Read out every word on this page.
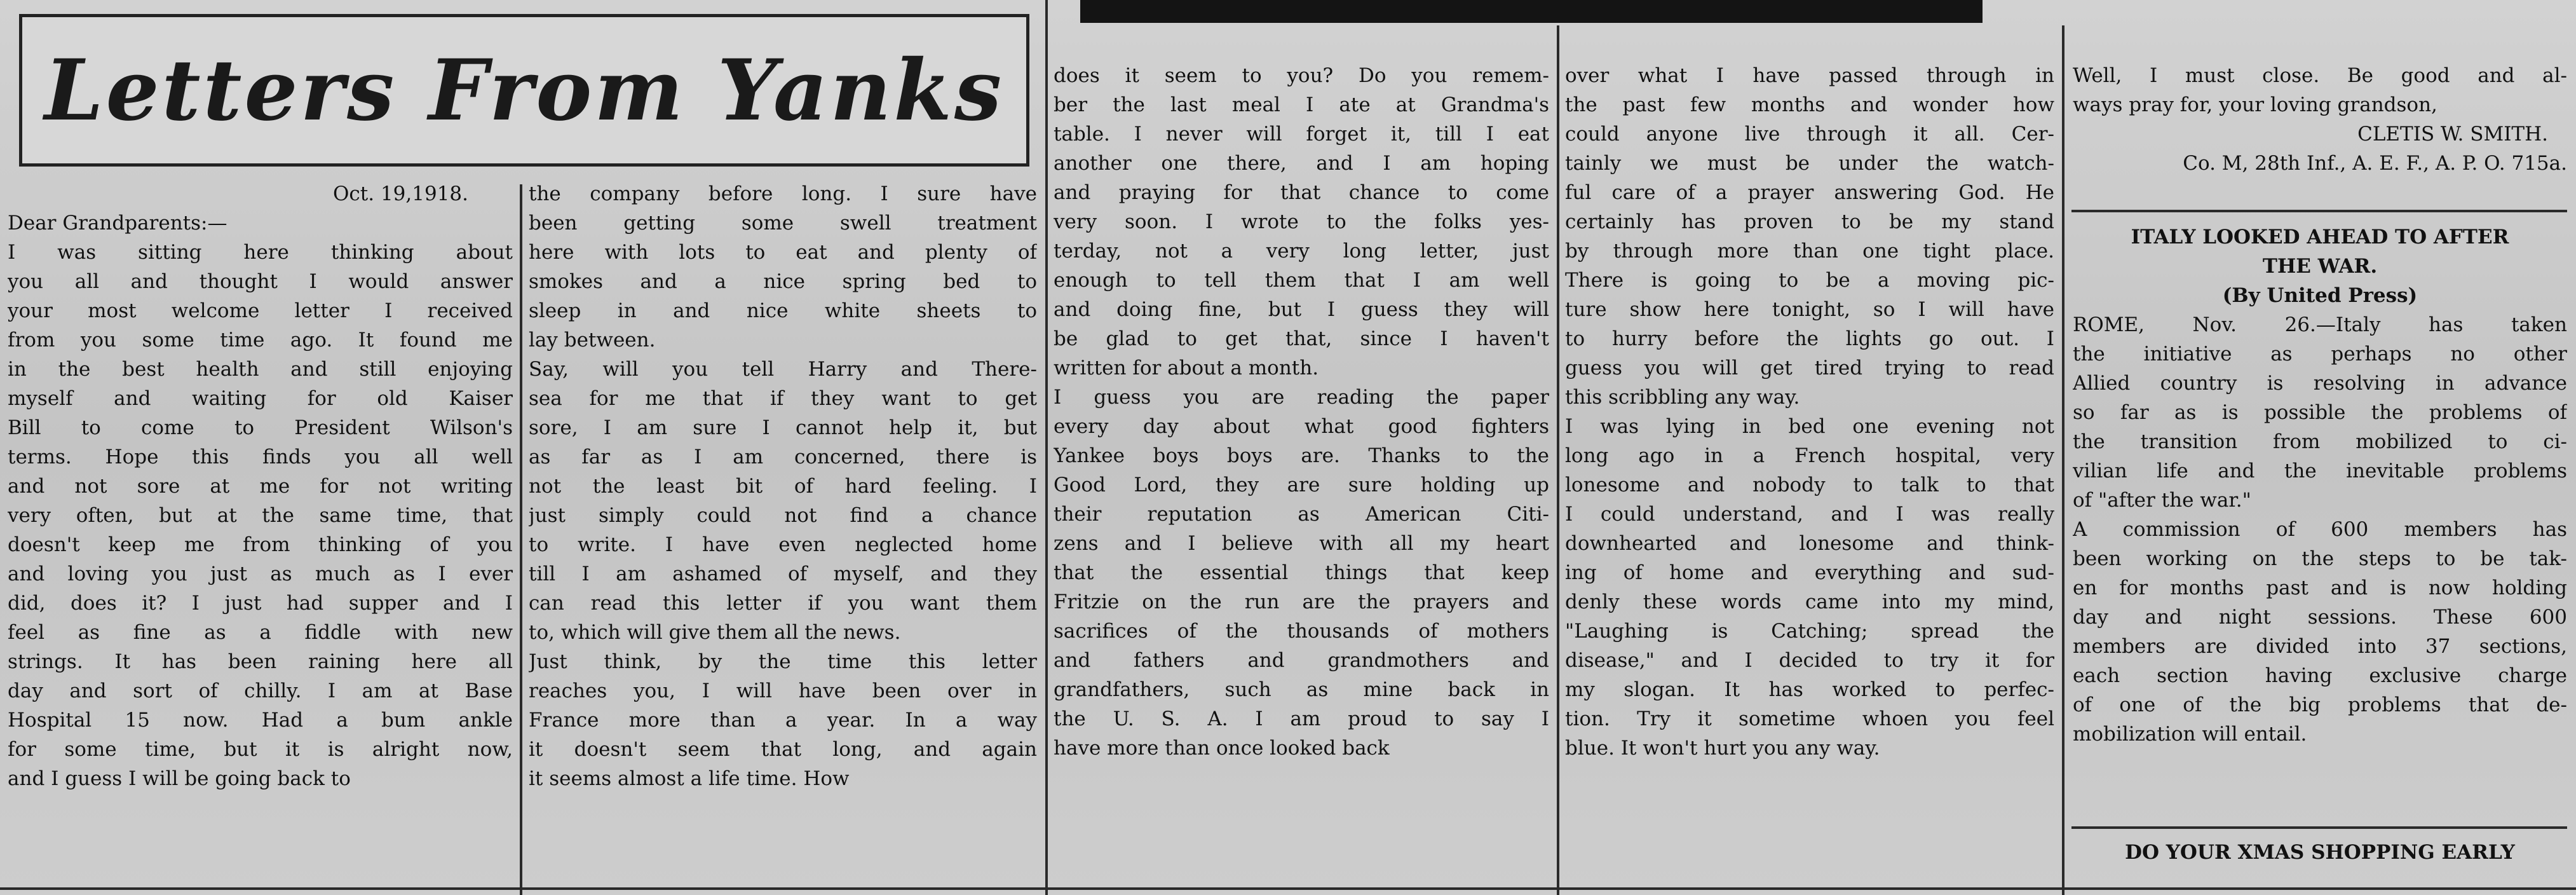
Letters From Yanks
Oct. 19,1918.
Dear Grandparents:—
I was sitting here thinking about
you all and thought I would answer
your most welcome letter I received
from you some time ago. It found me
in the best health and still enjoying
myself and waiting for old Kaiser
Bill to come to President Wilson's
terms. Hope this finds you all well
and not sore at me for not writing
very often, but at the same time, that
doesn't keep me from thinking of you
and loving you just as much as I ever
did, does it? I just had supper and I
feel as fine as a fiddle with new
strings. It has been raining here all
day and sort of chilly. I am at Base
Hospital 15 now. Had a bum ankle
for some time, but it is alright now,
and I guess I will be going back to
the company before long. I sure have
been getting some swell treatment
here with lots to eat and plenty of
smokes and a nice spring bed to
sleep in and nice white sheets to
lay between.
Say, will you tell Harry and There-
sea for me that if they want to get
sore, I am sure I cannot help it, but
as far as I am concerned, there is
not the least bit of hard feeling. I
just simply could not find a chance
to write. I have even neglected home
till I am ashamed of myself, and they
can read this letter if you want them
to, which will give them all the news.
Just think, by the time this letter
reaches you, I will have been over in
France more than a year. In a way
it doesn't seem that long, and again
it seems almost a life time. How
does it seem to you? Do you remem-
ber the last meal I ate at Grandma's
table. I never will forget it, till I eat
another one there, and I am hoping
and praying for that chance to come
very soon. I wrote to the folks yes-
terday, not a very long letter, just
enough to tell them that I am well
and doing fine, but I guess they will
be glad to get that, since I haven't
written for about a month.
I guess you are reading the paper
every day about what good fighters
Yankee boys boys are. Thanks to the
Good Lord, they are sure holding up
their reputation as American Citi-
zens and I believe with all my heart
that the essential things that keep
Fritzie on the run are the prayers and
sacrifices of the thousands of mothers
and fathers and grandmothers and
grandfathers, such as mine back in
the U. S. A. I am proud to say I
have more than once looked back
over what I have passed through in
the past few months and wonder how
could anyone live through it all. Cer-
tainly we must be under the watch-
ful care of a prayer answering God. He
certainly has proven to be my stand
by through more than one tight place.
There is going to be a moving pic-
ture show here tonight, so I will have
to hurry before the lights go out. I
guess you will get tired trying to read
this scribbling any way.
I was lying in bed one evening not
long ago in a French hospital, very
lonesome and nobody to talk to that
I could understand, and I was really
downhearted and lonesome and think-
ing of home and everything and sud-
denly these words came into my mind,
"Laughing is Catching; spread the
disease," and I decided to try it for
my slogan. It has worked to perfec-
tion. Try it sometime whoen you feel
blue. It won't hurt you any way.
Well, I must close. Be good and al-
ways pray for, your loving grandson,
CLETIS W. SMITH.
Co. M, 28th Inf., A. E. F., A. P. O. 715a.
ITALY LOOKED AHEAD TO AFTER
THE WAR.
(By United Press)
ROME, Nov. 26.—Italy has taken
the initiative as perhaps no other
Allied country is resolving in advance
so far as is possible the problems of
the transition from mobilized to ci-
vilian life and the inevitable problems
of "after the war."
A commission of 600 members has
been working on the steps to be tak-
en for months past and is now holding
day and night sessions. These 600
members are divided into 37 sections,
each section having exclusive charge
of one of the big problems that de-
mobilization will entail.
DO YOUR XMAS SHOPPING EARLY
